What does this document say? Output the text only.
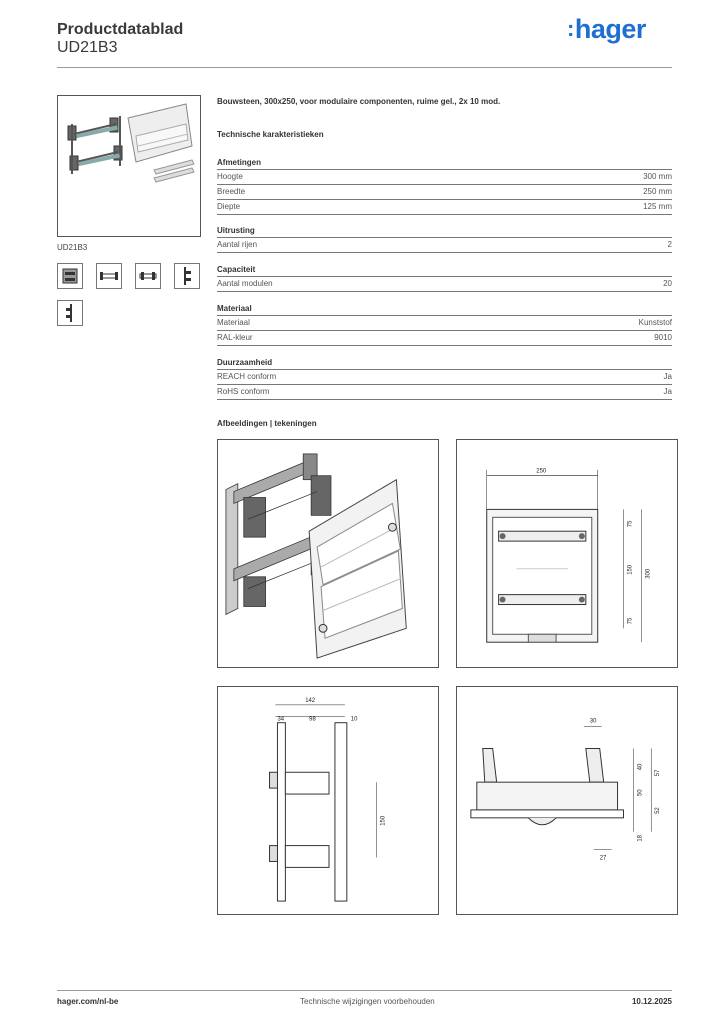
Productdatablad
UD21B3
:hager
UD21B3
Bouwsteen, 300x250, voor modulaire componenten, ruime gel., 2x 10 mod.
Technische karakteristieken
Afmetingen
Hoogte	300 mm
Breedte	250 mm
Diepte	125 mm
Uitrusting
Aantal rijen	2
Capaciteit
Aantal modulen	20
Materiaal
Materiaal	Kunststof
RAL-kleur	9010
Duurzaamheid
REACH conform	Ja
RoHS conform	Ja
Afbeeldingen | tekeningen
250
75
150
75
300
142
34	98	10
150
30
40
57
50
52
18
27
hager.com/nl-be	Technische wijzigingen voorbehouden	10.12.2025
